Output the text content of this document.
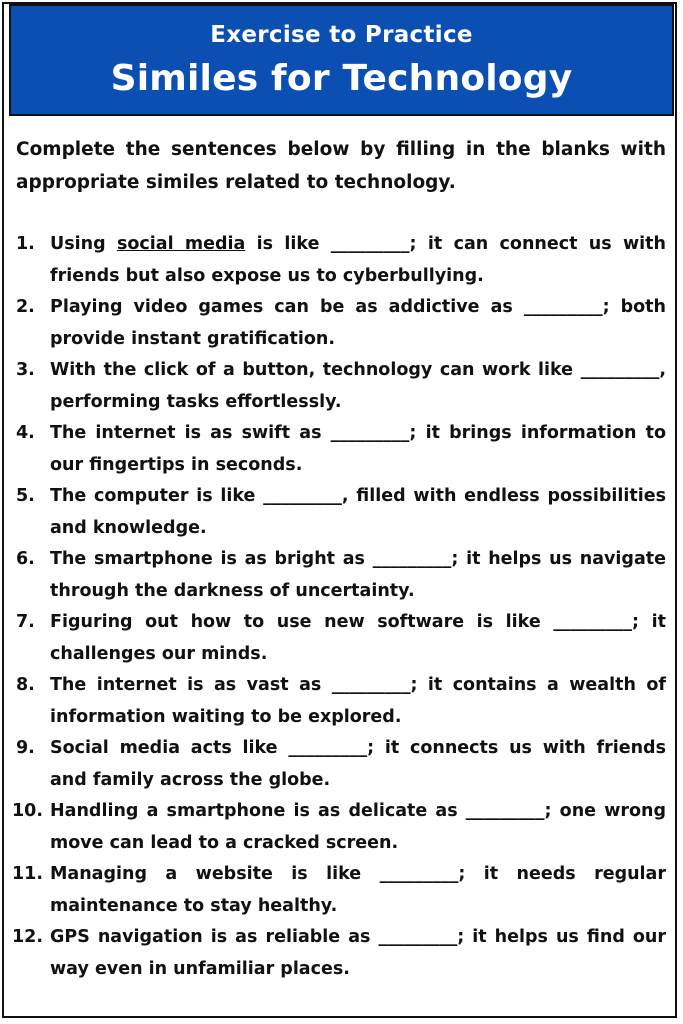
Exercise to Practice
Similes for Technology
Complete the sentences below by filling in the blanks with appropriate similes related to technology.
1. Using social media is like _________; it can connect us with friends but also expose us to cyberbullying.
2. Playing video games can be as addictive as _________; both provide instant gratification.
3. With the click of a button, technology can work like _________, performing tasks effortlessly.
4. The internet is as swift as _________; it brings information to our fingertips in seconds.
5. The computer is like _________, filled with endless possibilities and knowledge.
6. The smartphone is as bright as _________; it helps us navigate through the darkness of uncertainty.
7. Figuring out how to use new software is like _________; it challenges our minds.
8. The internet is as vast as _________; it contains a wealth of information waiting to be explored.
9. Social media acts like _________; it connects us with friends and family across the globe.
10. Handling a smartphone is as delicate as _________; one wrong move can lead to a cracked screen.
11. Managing a website is like _________; it needs regular maintenance to stay healthy.
12. GPS navigation is as reliable as _________; it helps us find our way even in unfamiliar places.
